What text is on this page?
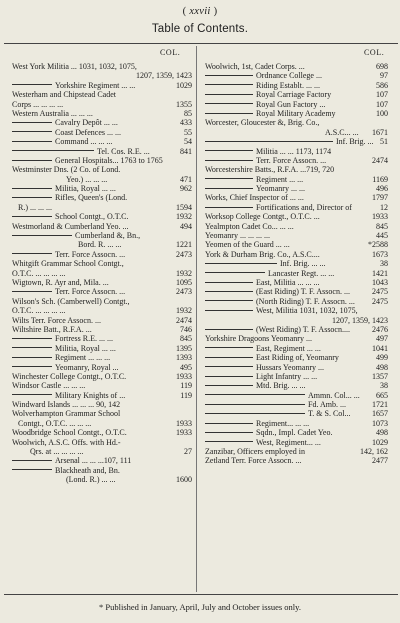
( xxvii )
Table of Contents.
COL.	COL.
West York Militia ... 1031, 1032, 1075,
1207, 1359, 1423
Yorkshire Regiment ... ...	1029
Westerham and Chipstead Cadet
Corps ... ... ... ...	1355
Western Australia ... ... ...	85
Cavalry Depôt ... ...	433
Coast Defences ... ...	55
Command ... ... ...	54
Tel. Cos. R.E. ...	841
General Hospitals... 1763 to 1765
Westminster Dns. (2 Co. of Lond.
Yeo.) ... ... ...	471
Militia, Royal ... ...	962
Rifles, Queen's (Lond.
R.) ... ... ...	1594
School Contgt., O.T.C.	1932
Westmorland & Cumberland Yeo. ...	494
Cumberland &, Bn.,
Bord. R. ... ...	1221
Terr. Force Assocn. ...	2473
Whitgift Grammar School Contgt.,
O.T.C. ... ... ... ...	1932
Wigtown, R. Ayr and, Mila. ...	1095
Terr. Force Assocn. ...	2473
Wilson's Sch. (Camberwell) Contgt.,
O.T.C. ... ... ... ...	1932
Wilts Terr. Force Assocn. ...	2474
Wiltshire Batt., R.F.A. ...	746
Fortress R.E. ... ...	845
Militia, Royal ... ...	1395
Regiment ... ... ...	1393
Yeomanry, Royal ...	495
Winchester College Contgt., O.T.C.	1933
Windsor Castle ... ... ...	119
Military Knights of ...	119
Windward Islands ... ... ... 90, 142
Wolverhampton Grammar School
Contgt., O.T.C. ... ... ...	1933
Woodbridge School Contgt., O.T.C.	1933
Woolwich, A.S.C. Offs. with Hd.-
Qrs. at ... ... ... ...	27
Arsenal ... ... ...107, 111
Blackheath and, Bn.
(Lond. R.) ... ...	1600
Woolwich, 1st, Cadet Corps. ...	698
Ordnance College ...	97
Riding Establt. ... ...	586
Royal Carriage Factory	107
Royal Gun Factory ...	107
Royal Military Academy	100
Worcester, Gloucester &, Brig. Co.,
A.S.C... ... 1671
Inf. Brig. ... 51
Militia ... ... 1173, 1174
Terr. Force Assocn. ...	2474
Worcestershire Batts., R.F.A. ...719, 720
Regiment ... ...	1169
Yeomanry ... ...	496
Works, Chief Inspector of ... ...	1797
Fortifications and, Director of	12
Worksop College Contgt., O.T.C. ...	1933
Yealmpton Cadet Co... ... ...	845
Yeomanry ... ... ... ...	445
Yeomen of the Guard ... ...	*2588
York & Durham Brig. Co., A.S.C....	1673
Inf. Brig. ... ...	38
Lancaster Regt. ... ...	1421
East, Militia ... ... ...	1043
(East Riding) T. F. Assocn. ...	2475
(North Riding) T. F. Assocn. ... 2475
West, Militia 1031, 1032, 1075,
1207, 1359, 1423
(West Riding) T. F. Assocn....	2476
Yorkshire Dragoons Yeomanry ...	497
East, Regiment ... ...	1041
East Riding of, Yeomanry	499
Hussars Yeomanry ...	498
Light Infantry ... ...	1357
Mtd. Brig. ... ...	38
Ammn. Col... ... 665
Fd. Amb. ...	1721
T. & S. Col...	1657
Regiment... ... ...	1073
Sqdn., Impl. Cadet Yeo.	498
West, Regiment... ...	1029
Zanzibar, Officers employed in	142, 162
Zetland Terr. Force Assocn. ...	2477
* Published in January, April, July and October issues only.
